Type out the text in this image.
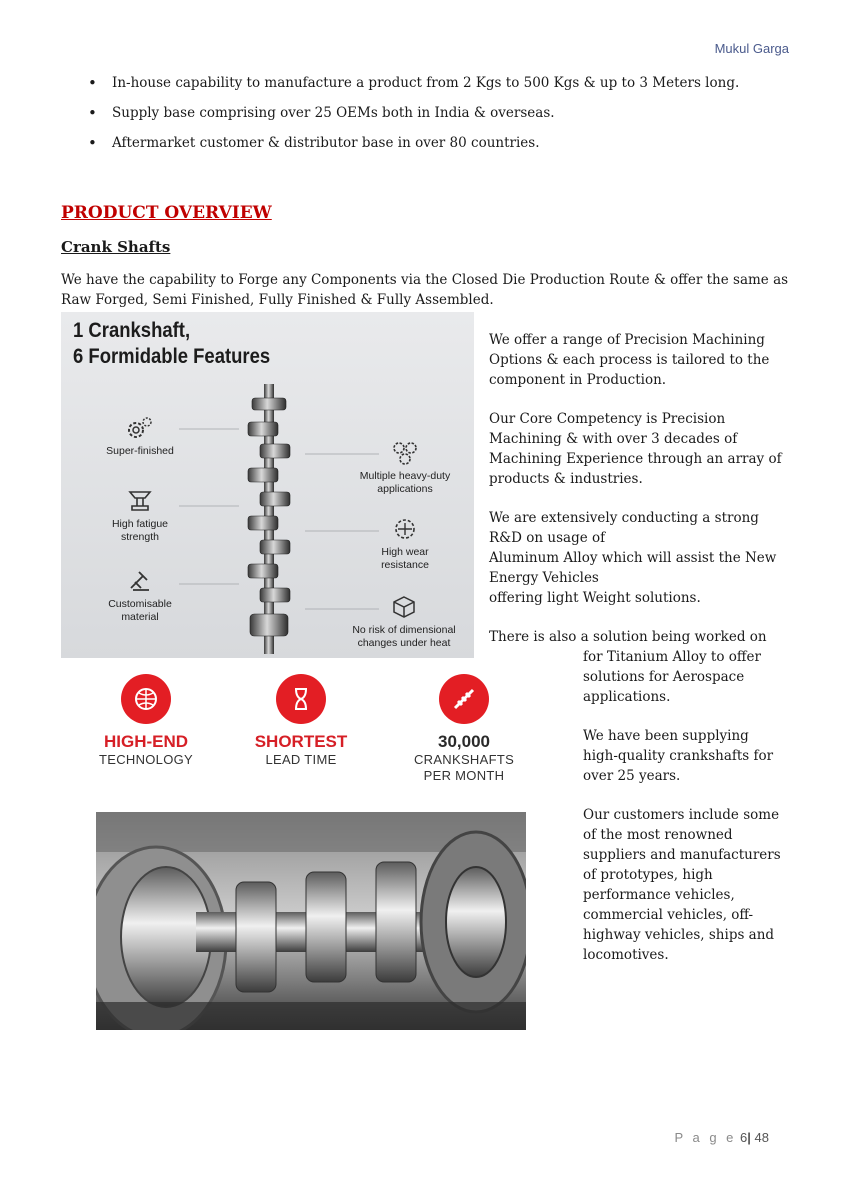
Mukul Garga
• In-house capability to manufacture a product from 2 Kgs to 500 Kgs & up to 3 Meters long.
• Supply base comprising over 25 OEMs both in India & overseas.
• Aftermarket customer & distributor base in over 80 countries.
PRODUCT OVERVIEW
Crank Shafts
We have the capability to Forge any Components via the Closed Die Production Route & offer the same as Raw Forged, Semi Finished, Fully Finished & Fully Assembled.
1 Crankshaft,
6 Formidable Features
Super-finished
High fatigue strength
Customisable material
Multiple heavy-duty applications
High wear resistance
No risk of dimensional changes under heat
HIGH-END
TECHNOLOGY
SHORTEST
LEAD TIME
30,000
CRANKSHAFTS
PER MONTH
We offer a range of Precision Machining Options & each process is tailored to the component in Production.
Our Core Competency is Precision Machining & with over 3 decades of Machining Experience through an array of products & industries.
We are extensively conducting a strong
R&D on usage of
Aluminum Alloy which will assist the New
Energy Vehicles
offering light Weight solutions.
There is also a solution being worked on
for Titanium Alloy to offer solutions for Aerospace applications.
We have been supplying high-quality crankshafts for over 25 years.
Our customers include some of the most renowned suppliers and manufacturers of prototypes, high performance vehicles, commercial vehicles, off-highway vehicles, ships and locomotives.
P a g e 6| 48
